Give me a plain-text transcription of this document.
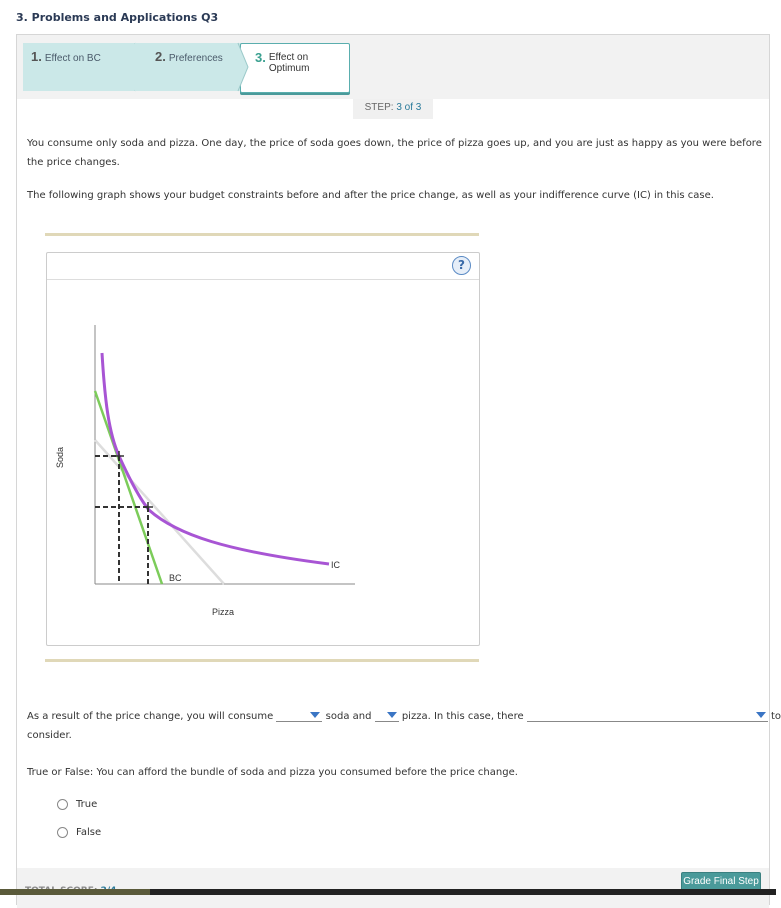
3. Problems and Applications Q3
1. Effect on BC	2. Preferences 3. Effect on Optimum
STEP: 3 of 3
You consume only soda and pizza. One day, the price of soda goes down, the price of pizza goes up, and you are just as happy as you were before the price changes.
The following graph shows your budget constraints before and after the price change, as well as your indifference curve (IC) in this case.
?
BC
IC
Pizza
Soda
As a result of the price change, you will consume	soda and	pizza. In this case, there	to
consider.
True or False: You can afford the bundle of soda and pizza you consumed before the price change.
True
False
Grade Final Step
